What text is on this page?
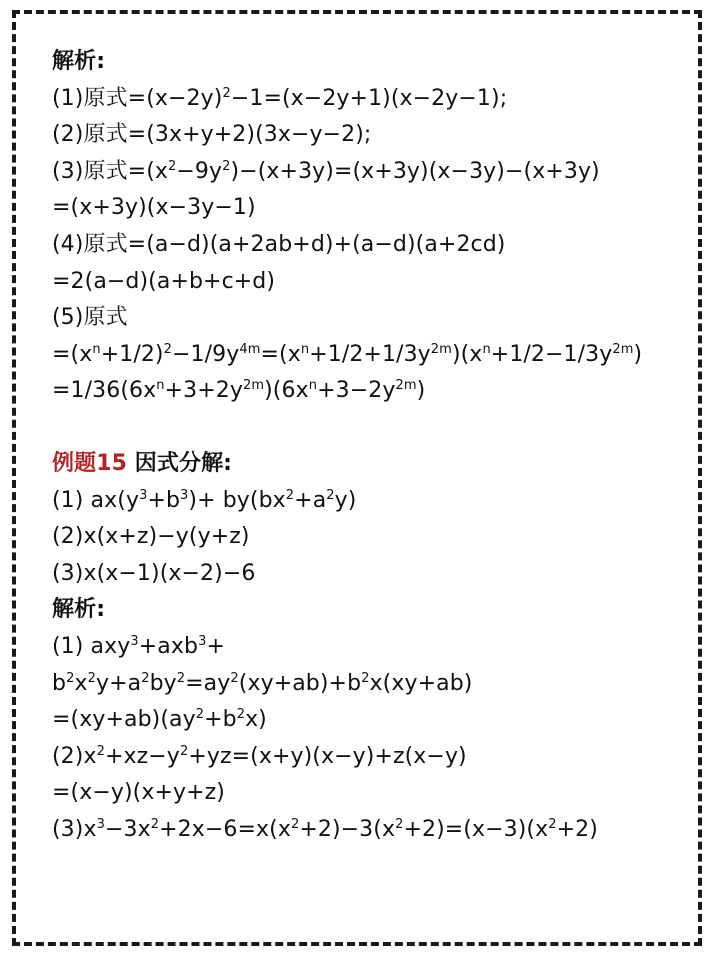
解析:
(1)原式$=(x-2y)^2-1=(x-2y+1)(x-2y-1)$;
(2)原式=(3x+y+2)(3x−y−2);
(3)原式$=(x^2-9y^2)-(x+3y)=(x+3y)(x-3y)-(x+3y)$
=(x+3y)(x−3y−1)
(4)原式=(a−d)(a+2ab+d)+(a−d)(a+2cd)
=2(a−d)(a+b+c+d)
(5)原式
$=(x^n+1/2)^2-1/9y^{4m}=(x^n+1/2+1/3y^{2m})(x^n+1/2-1/3y^{2m})$
$=1/36(6x^n+3+2y^{2m})(6x^n+3-2y^{2m})$
例题15 因式分解:
(1) $ax(y^3+b^3)+ by(bx^2+a^2y)$
(2)x(x+z)−y(y+z)
(3)x(x−1)(x−2)−6
解析:
(1) axy$^3$+axb$^3$+
$b^2x^2y+a^2by^2=ay^2(xy+ab)+b^2x(xy+ab)$
$=(xy+ab)(ay^2+b^2x)$
$(2)x^2+xz-y^2+yz=(x+y)(x-y)+z(x-y)$
=(x−y)(x+y+z)
$(3)x^3-3x^2+2x-6=x(x^2+2)-3(x^2+2)=(x-3)(x^2+2)$
